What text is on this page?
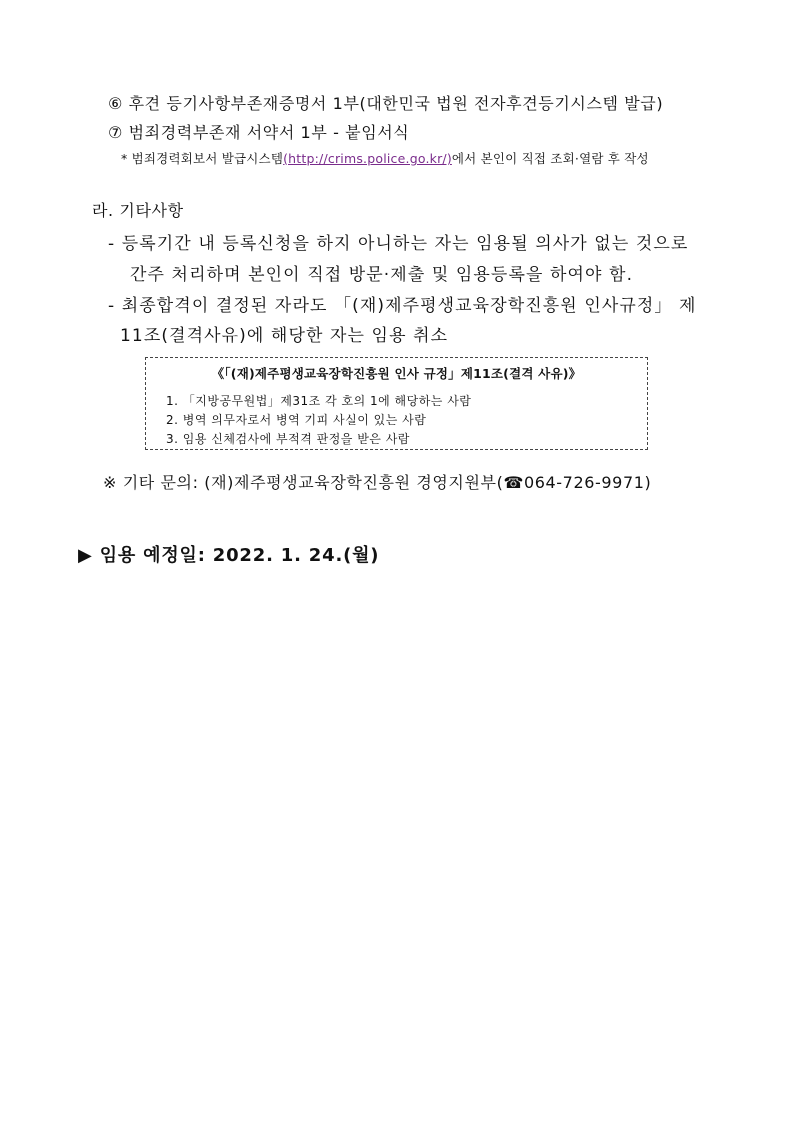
⑥ 후견 등기사항부존재증명서 1부(대한민국 법원 전자후견등기시스템 발급)
⑦ 범죄경력부존재 서약서 1부 - 붙임서식
* 범죄경력회보서 발급시스템(http://crims.police.go.kr/)에서 본인이 직접 조회·열람 후 작성
라. 기타사항
- 등록기간 내 등록신청을 하지 아니하는 자는 임용될 의사가 없는 것으로
간주 처리하며 본인이 직접 방문·제출 및 임용등록을 하여야 함.
- 최종합격이 결정된 자라도 「(재)제주평생교육장학진흥원 인사규정」 제
11조(결격사유)에 해당한 자는 임용 취소
《「(재)제주평생교육장학진흥원 인사 규정」제11조(결격 사유)》
1. 「지방공무원법」제31조 각 호의 1에 해당하는 사람
2. 병역 의무자로서 병역 기피 사실이 있는 사람
3. 임용 신체검사에 부적격 판정을 받은 사람
※ 기타 문의: (재)제주평생교육장학진흥원 경영지원부(☎064-726-9971)
▶ 임용 예정일: 2022. 1. 24.(월)
